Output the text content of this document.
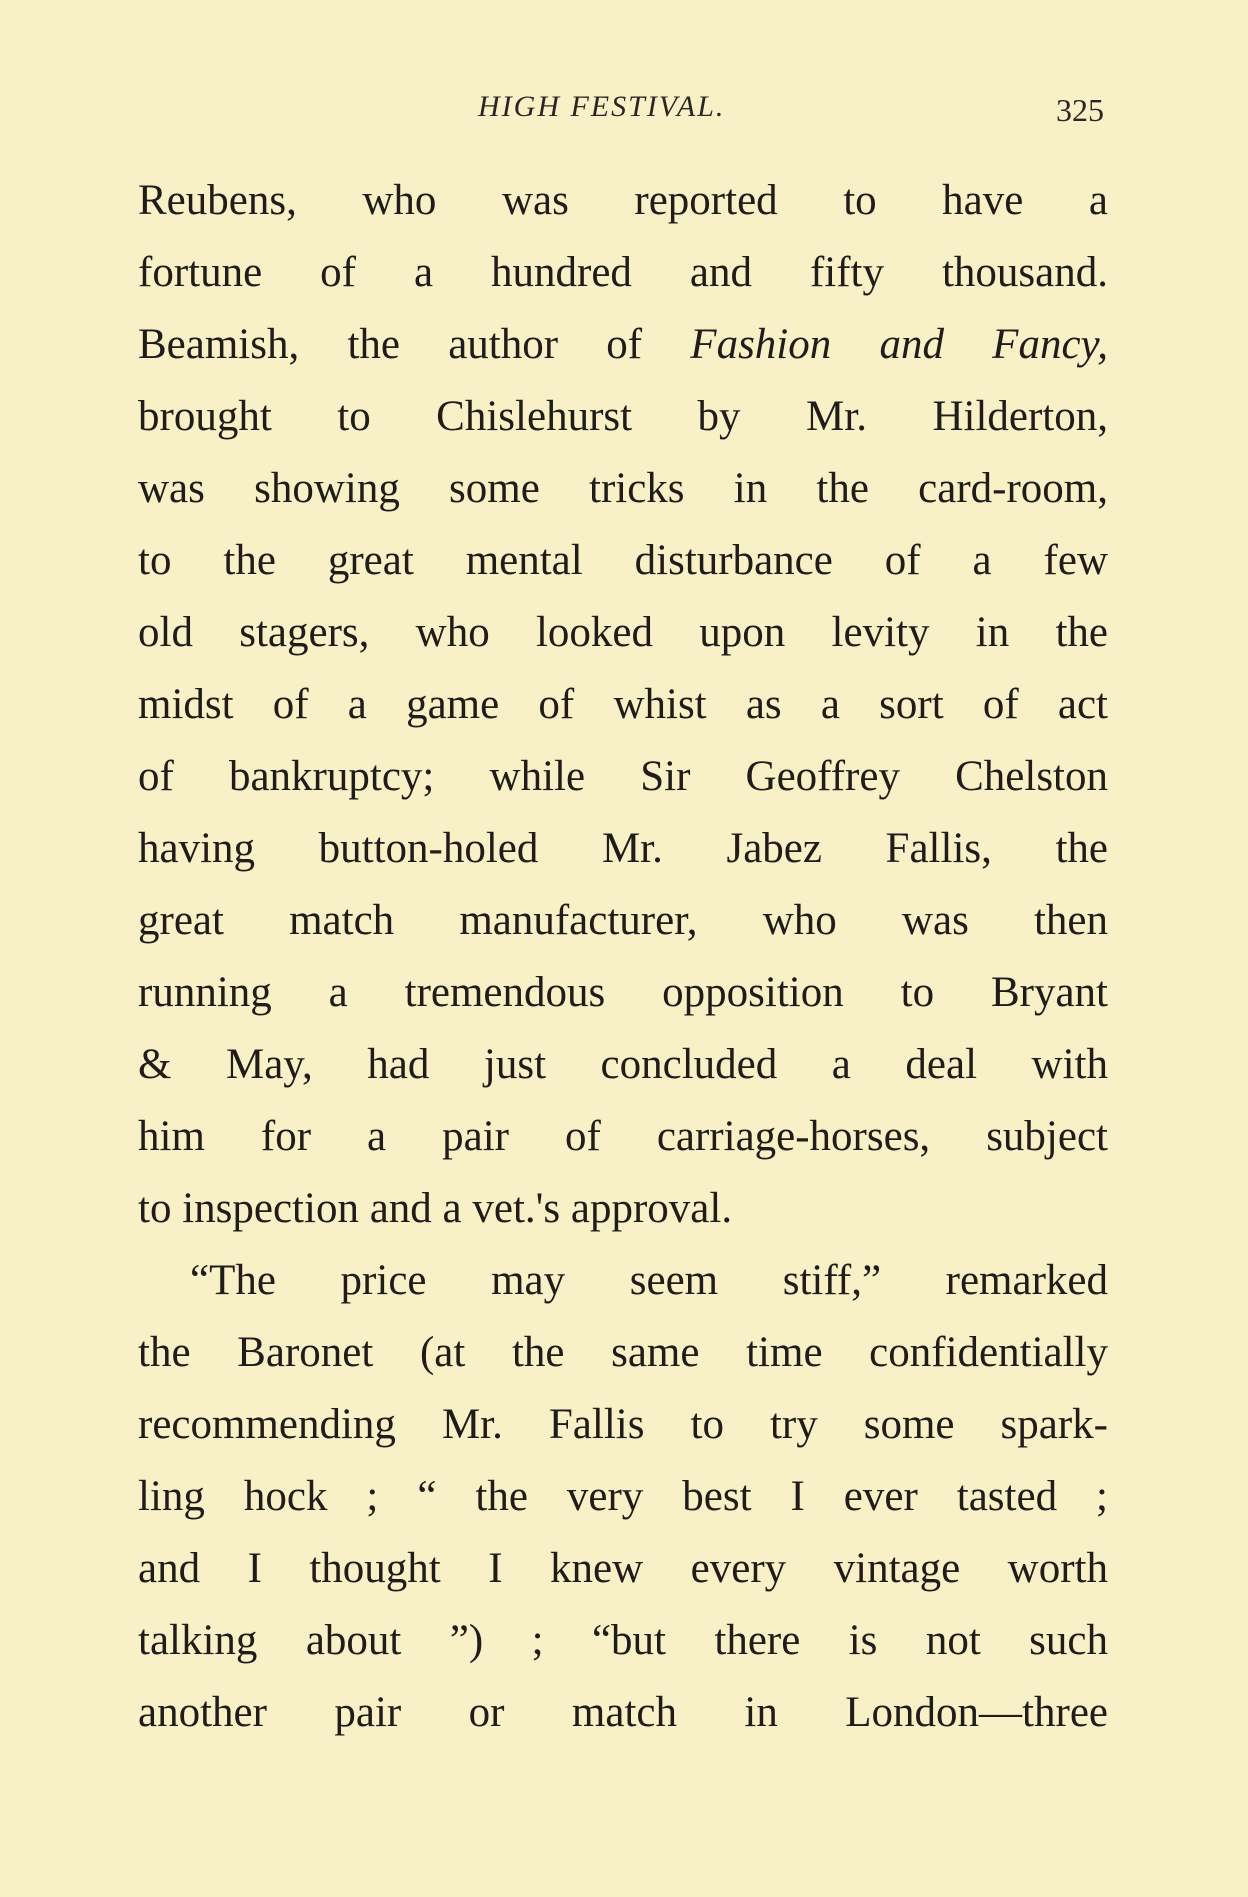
HIGH FESTIVAL.	325
Reubens, who was reported to have a
fortune of a hundred and fifty thousand.
Beamish, the author of Fashion and Fancy,
brought to Chislehurst by Mr. Hilderton,
was showing some tricks in the card-room,
to the great mental disturbance of a few
old stagers, who looked upon levity in the
midst of a game of whist as a sort of act
of bankruptcy; while Sir Geoffrey Chelston
having button-holed Mr. Jabez Fallis, the
great match manufacturer, who was then
running a tremendous opposition to Bryant
& May, had just concluded a deal with
him for a pair of carriage-horses, subject
to inspection and a vet.'s approval.
“The price may seem stiff,” remarked
the Baronet (at the same time confidentially
recommending Mr. Fallis to try some spark-
ling hock ; “ the very best I ever tasted ;
and I thought I knew every vintage worth
talking about ”) ; “but there is not such
another pair or match in London—three
